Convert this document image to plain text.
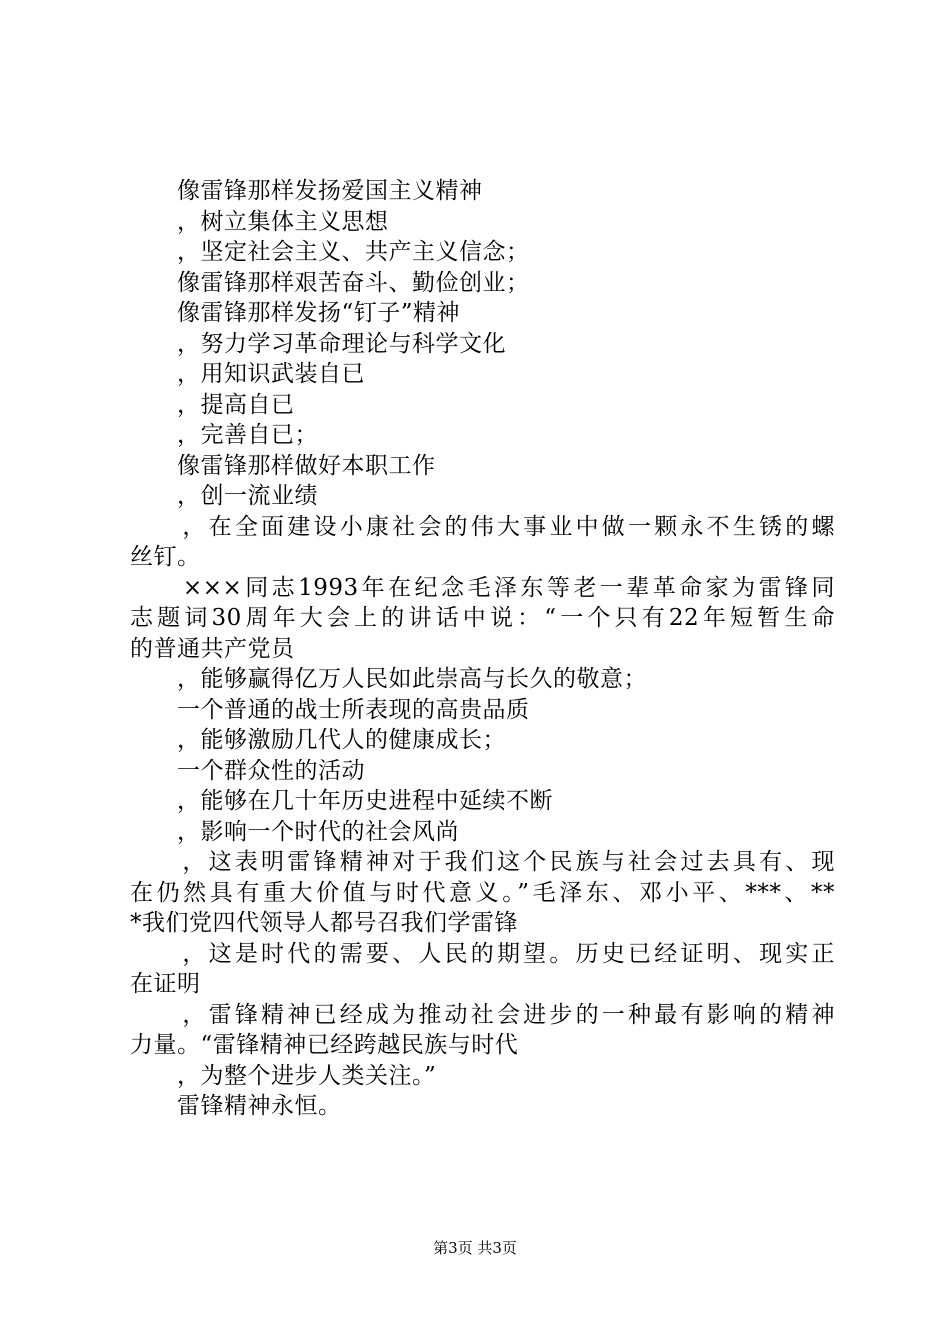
　　像雷锋那样发扬爱国主义精神
　　，树立集体主义思想
　　，坚定社会主义、共产主义信念；
　　像雷锋那样艰苦奋斗、勤俭创业；
　　像雷锋那样发扬“钉子”精神
　　，努力学习革命理论与科学文化
　　，用知识武装自已
　　，提高自已
　　，完善自已；
　　像雷锋那样做好本职工作
　　，创一流业绩
　　，在全面建设小康社会的伟大事业中做一颗永不生锈的螺
丝钉。
　　×××同志1993年在纪念毛泽东等老一辈革命家为雷锋同
志题词30周年大会上的讲话中说：“一个只有22年短暂生命
的普通共产党员
　　，能够赢得亿万人民如此崇高与长久的敬意；
　　一个普通的战士所表现的高贵品质
　　，能够激励几代人的健康成长；
　　一个群众性的活动
　　，能够在几十年历史进程中延续不断
　　，影响一个时代的社会风尚
　　，这表明雷锋精神对于我们这个民族与社会过去具有、现
在仍然具有重大价值与时代意义。”毛泽东、邓小平、***、**
*我们党四代领导人都号召我们学雷锋
　　，这是时代的需要、人民的期望。历史已经证明、现实正
在证明
　　，雷锋精神已经成为推动社会进步的一种最有影响的精神
力量。“雷锋精神已经跨越民族与时代
　　，为整个进步人类关注。”
　　雷锋精神永恒。
第3页 共3页
